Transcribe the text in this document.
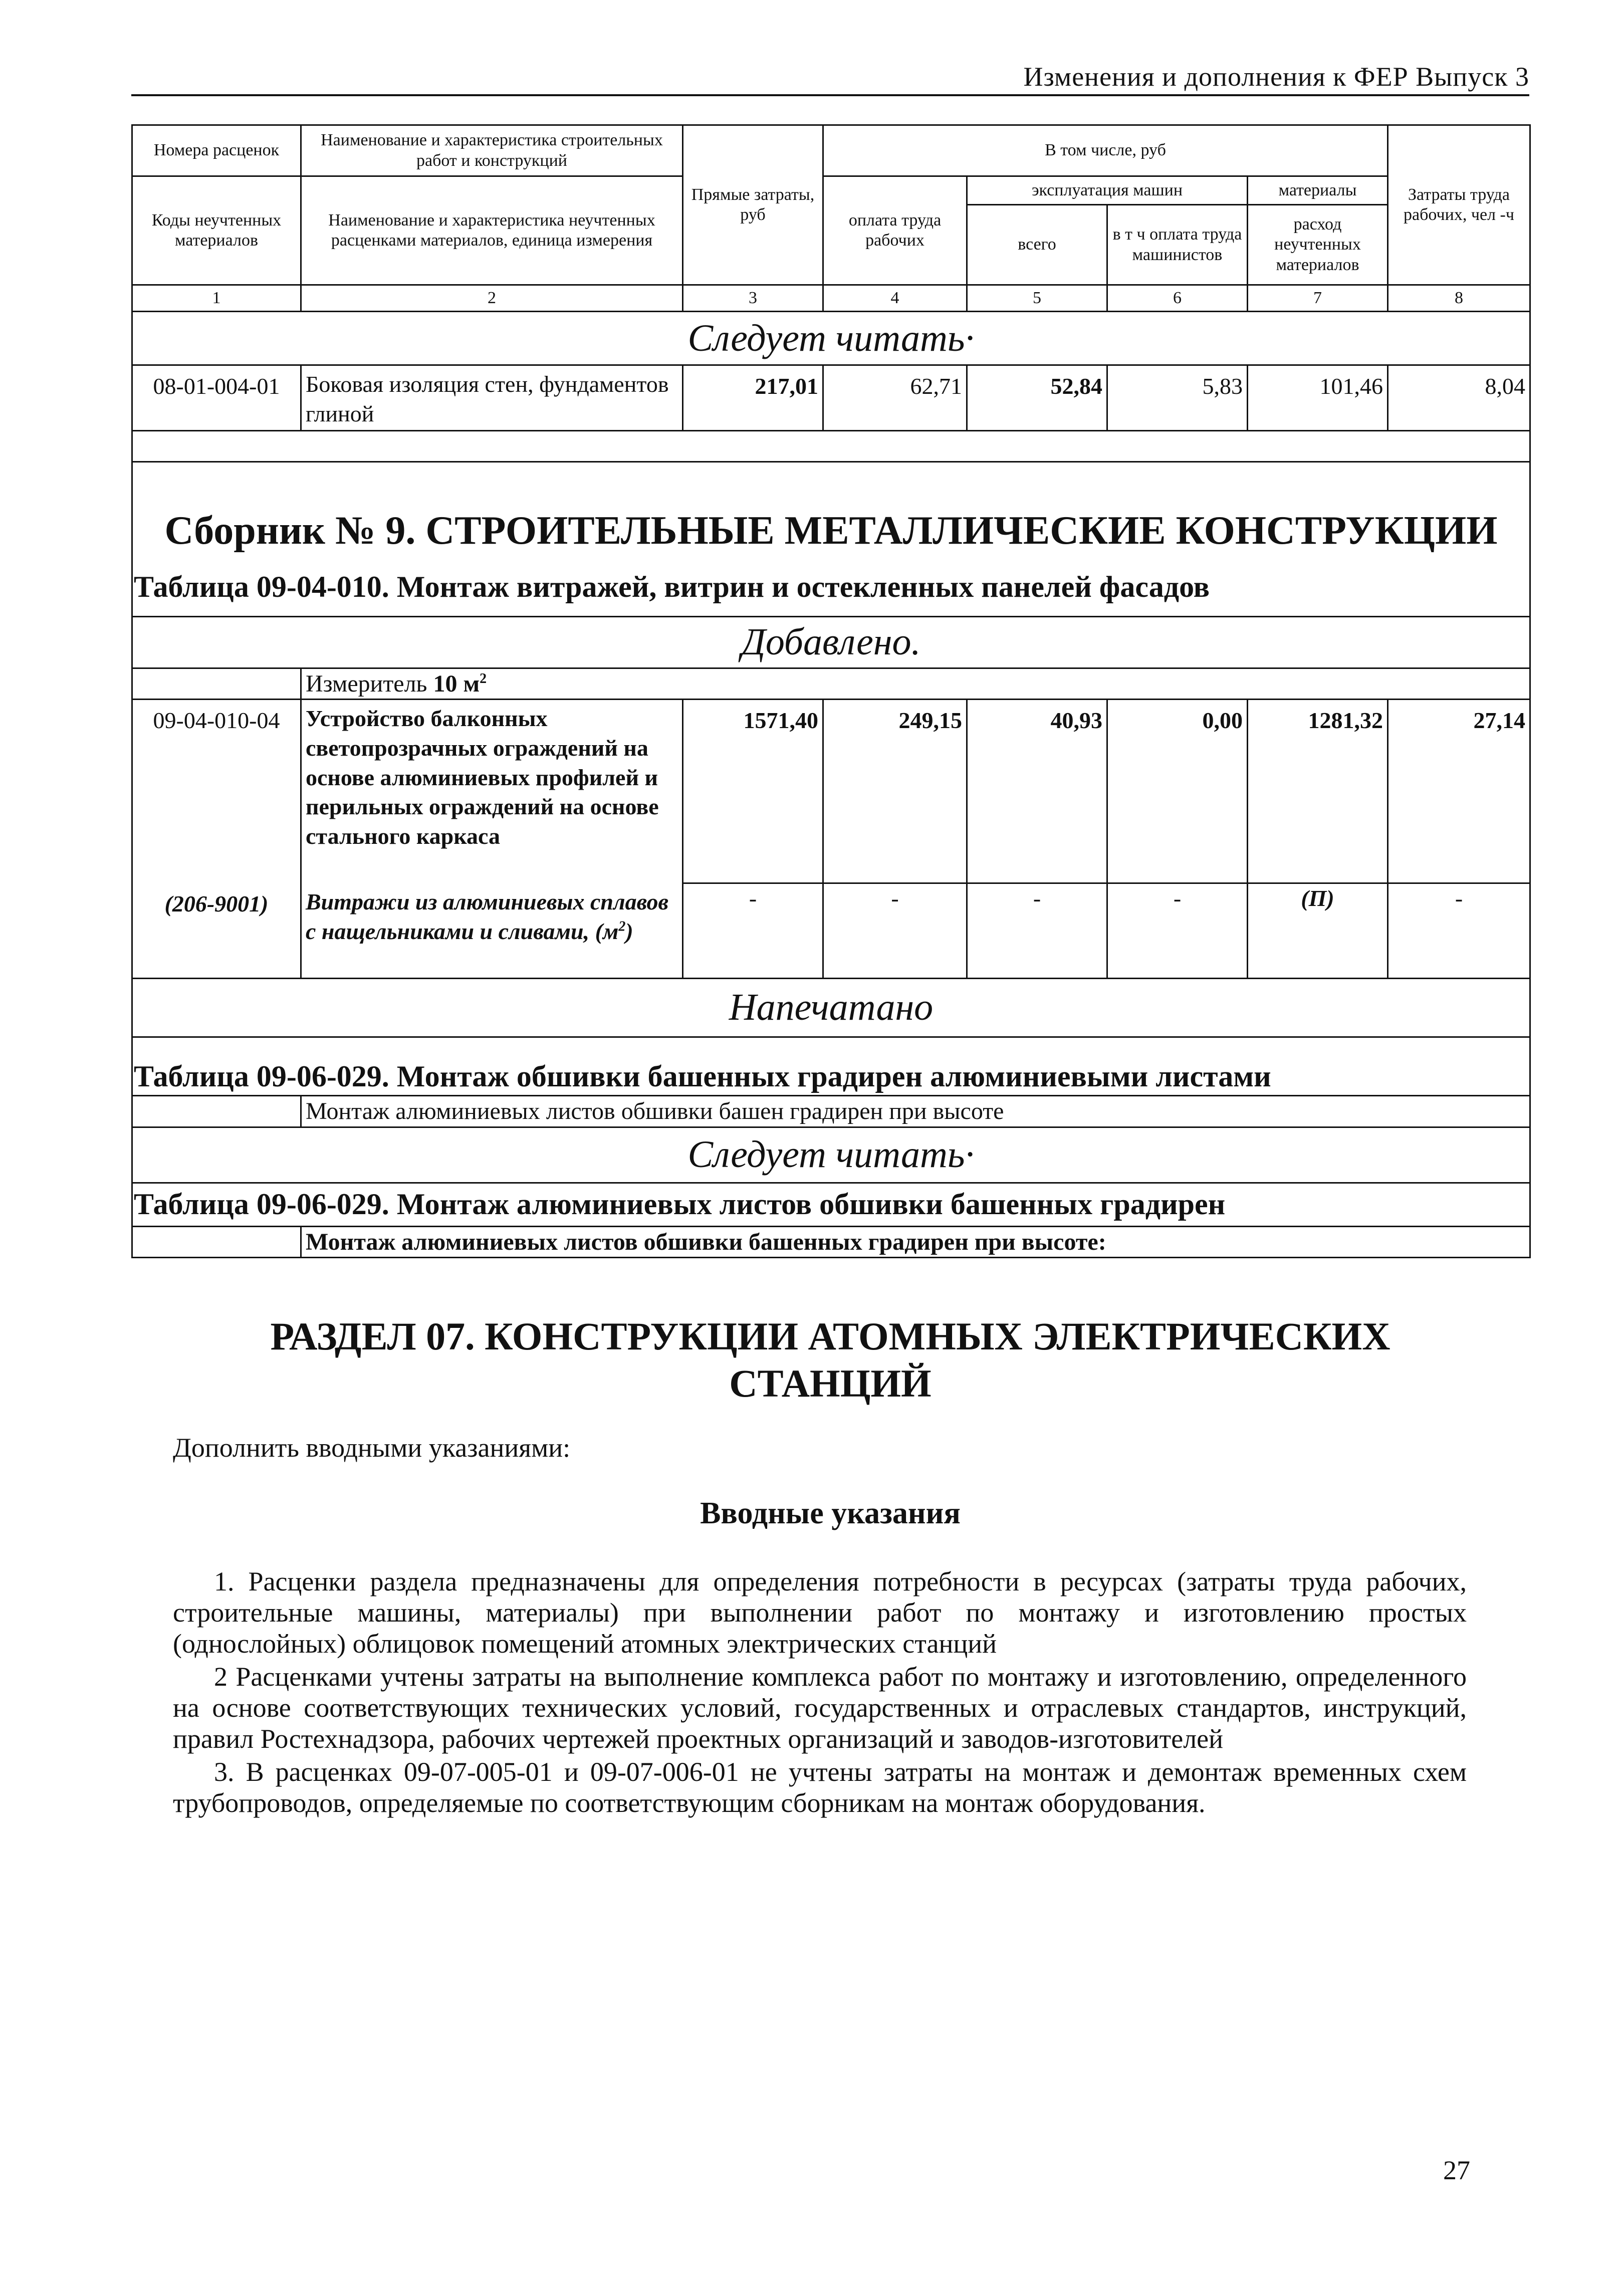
Изменения и дополнения к ФЕР Выпуск 3
Номера расценок	Наименование и характеристика строительных работ и конструкций	Прямые затраты, руб	В том числе, руб				Затраты труда рабочих, чел -ч
Коды неучтенных материалов	Наименование и характеристика неучтенных расценками материалов, единица измерения		оплата труда рабочих	эксплуатация машин		материалы	
				всего	в т ч оплата труда машинистов	расход неучтенных материалов	
1	2	3	4	5	6	7	8
Следует читать·							
08-01-004-01	Боковая изоляция стен, фундаментов глиной	217,01	62,71	52,84	5,83	101,46	8,04

Сборник № 9. СТРОИТЕЛЬНЫЕ МЕТАЛЛИЧЕСКИЕ КОНСТРУКЦИИ							
Таблица 09-04-010. Монтаж витражей, витрин и остекленных панелей фасадов							
Добавлено.							
	Измеритель 10 $м^2$
09-04-010-04	Устройство балконных светопрозрачных ограждений на основе алюминиевых профилей и перильных ограждений на основе стального каркаса	1571,40	249,15	40,93	0,00	1281,32	27,14
(206-9001)	Витражи из алюминиевых сплавов с нащельниками и сливами, $(м^2)$	-	-	-	-	(П)	-
Напечатано							
Таблица 09-06-029. Монтаж обшивки башенных градирен алюминиевыми листами							
	Монтаж алюминиевых листов обшивки башен градирен при высоте						
Следует читать·							
Таблица 09-06-029. Монтаж алюминиевых листов обшивки башенных градирен							
	Монтаж алюминиевых листов обшивки башенных градирен при высоте:						
РАЗДЕЛ 07. КОНСТРУКЦИИ АТОМНЫХ ЭЛЕКТРИЧЕСКИХ
СТАНЦИЙ
Дополнить вводными указаниями:
Вводные указания
1. Расценки раздела предназначены для определения потребности в ресурсах (затраты труда рабочих, строительные машины, материалы) при выполнении работ по монтажу и изготовлению простых (однослойных) облицовок помещений атомных электрических станций
2 Расценками учтены затраты на выполнение комплекса работ по монтажу и изготовлению, определенного на основе соответствующих технических условий, государственных и отраслевых стандартов, инструкций, правил Ростехнадзора, рабочих чертежей проектных организаций и заводов-изготовителей
3. В расценках 09-07-005-01 и 09-07-006-01 не учтены затраты на монтаж и демонтаж временных схем трубопроводов, определяемые по соответствующим сборникам на монтаж оборудования.
27
